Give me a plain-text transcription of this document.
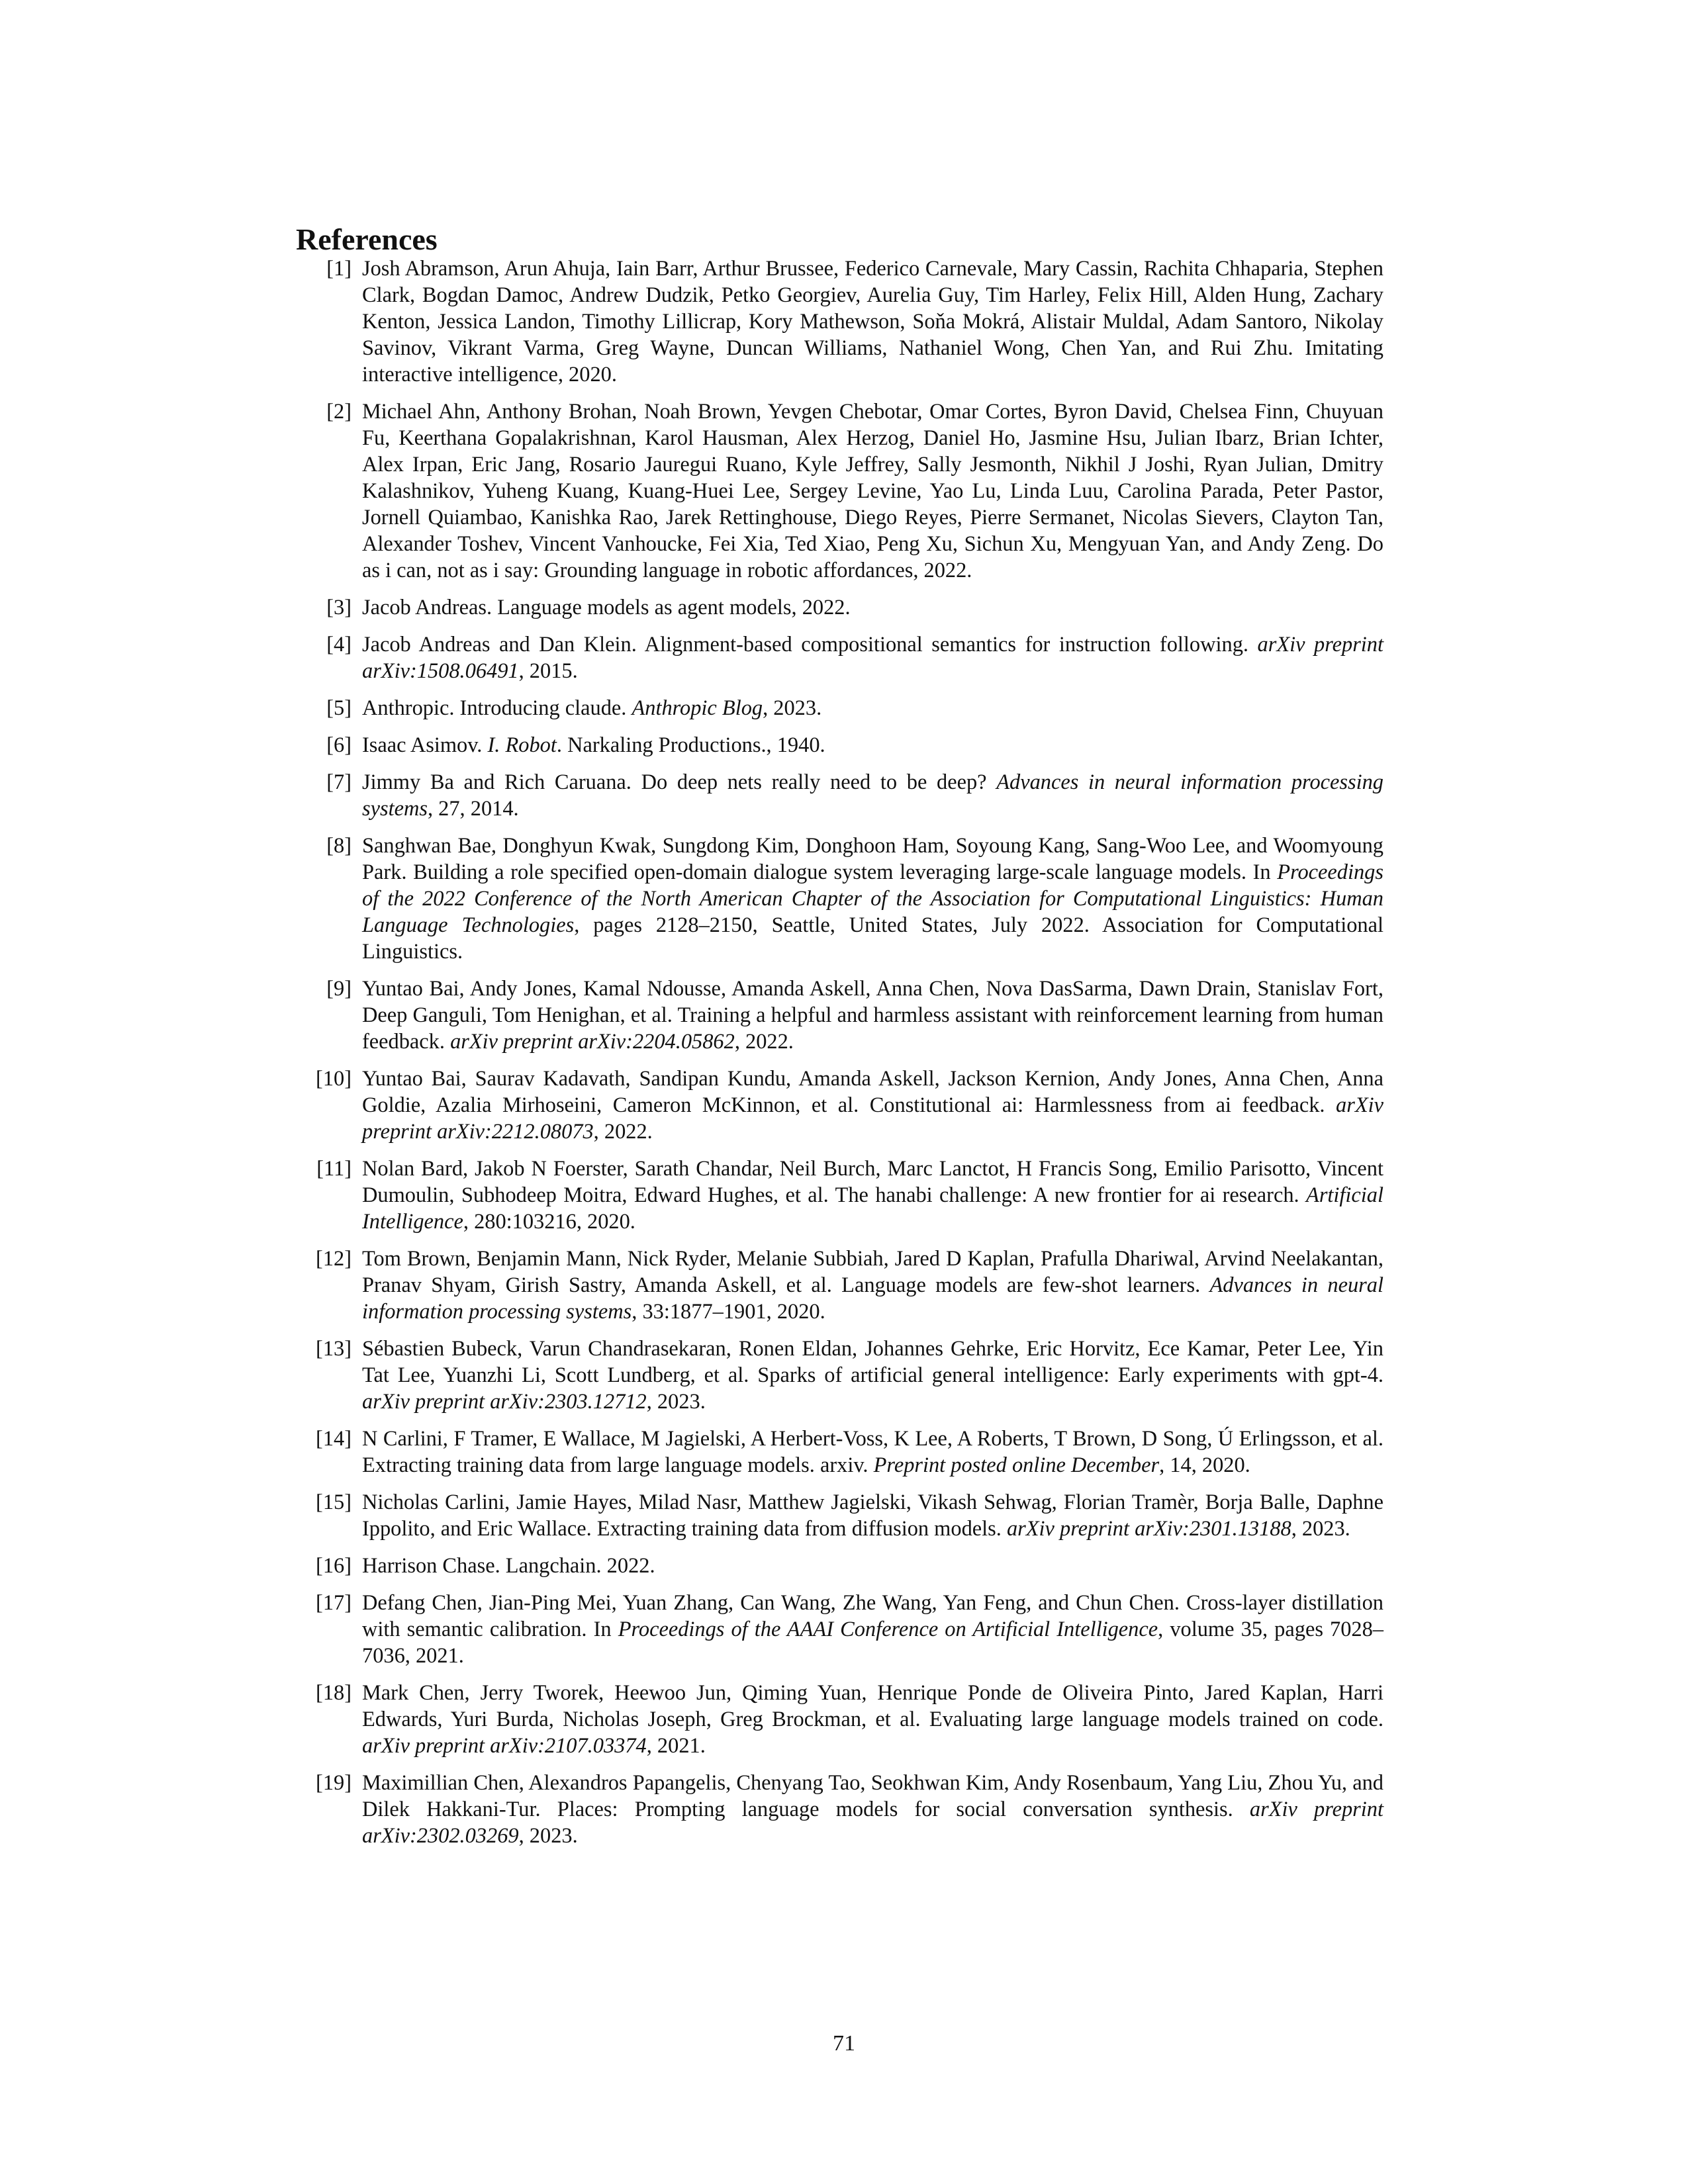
References
[1] Josh Abramson, Arun Ahuja, Iain Barr, Arthur Brussee, Federico Carnevale, Mary Cassin, Rachita Chhaparia, Stephen Clark, Bogdan Damoc, Andrew Dudzik, Petko Georgiev, Aurelia Guy, Tim Harley, Felix Hill, Alden Hung, Zachary Kenton, Jessica Landon, Timothy Lillicrap, Kory Mathewson, Soňa Mokrá, Alistair Muldal, Adam Santoro, Nikolay Savinov, Vikrant Varma, Greg Wayne, Duncan Williams, Nathaniel Wong, Chen Yan, and Rui Zhu. Imitating interactive intelligence, 2020.
[2] Michael Ahn, Anthony Brohan, Noah Brown, Yevgen Chebotar, Omar Cortes, Byron David, Chelsea Finn, Chuyuan Fu, Keerthana Gopalakrishnan, Karol Hausman, Alex Herzog, Daniel Ho, Jasmine Hsu, Julian Ibarz, Brian Ichter, Alex Irpan, Eric Jang, Rosario Jauregui Ruano, Kyle Jeffrey, Sally Jesmonth, Nikhil J Joshi, Ryan Julian, Dmitry Kalashnikov, Yuheng Kuang, Kuang-Huei Lee, Sergey Levine, Yao Lu, Linda Luu, Carolina Parada, Peter Pastor, Jornell Quiambao, Kanishka Rao, Jarek Rettinghouse, Diego Reyes, Pierre Sermanet, Nicolas Sievers, Clayton Tan, Alexander Toshev, Vincent Vanhoucke, Fei Xia, Ted Xiao, Peng Xu, Sichun Xu, Mengyuan Yan, and Andy Zeng. Do as i can, not as i say: Grounding language in robotic affordances, 2022.
[3] Jacob Andreas. Language models as agent models, 2022.
[4] Jacob Andreas and Dan Klein. Alignment-based compositional semantics for instruction following. arXiv preprint arXiv:1508.06491, 2015.
[5] Anthropic. Introducing claude. Anthropic Blog, 2023.
[6] Isaac Asimov. I. Robot. Narkaling Productions., 1940.
[7] Jimmy Ba and Rich Caruana. Do deep nets really need to be deep? Advances in neural information processing systems, 27, 2014.
[8] Sanghwan Bae, Donghyun Kwak, Sungdong Kim, Donghoon Ham, Soyoung Kang, Sang-Woo Lee, and Woomyoung Park. Building a role specified open-domain dialogue system leveraging large-scale language models. In Proceedings of the 2022 Conference of the North American Chapter of the Association for Computational Linguistics: Human Language Technologies, pages 2128–2150, Seattle, United States, July 2022. Association for Computational Linguistics.
[9] Yuntao Bai, Andy Jones, Kamal Ndousse, Amanda Askell, Anna Chen, Nova DasSarma, Dawn Drain, Stanislav Fort, Deep Ganguli, Tom Henighan, et al. Training a helpful and harmless assistant with reinforcement learning from human feedback. arXiv preprint arXiv:2204.05862, 2022.
[10] Yuntao Bai, Saurav Kadavath, Sandipan Kundu, Amanda Askell, Jackson Kernion, Andy Jones, Anna Chen, Anna Goldie, Azalia Mirhoseini, Cameron McKinnon, et al. Constitutional ai: Harmlessness from ai feedback. arXiv preprint arXiv:2212.08073, 2022.
[11] Nolan Bard, Jakob N Foerster, Sarath Chandar, Neil Burch, Marc Lanctot, H Francis Song, Emilio Parisotto, Vincent Dumoulin, Subhodeep Moitra, Edward Hughes, et al. The hanabi challenge: A new frontier for ai research. Artificial Intelligence, 280:103216, 2020.
[12] Tom Brown, Benjamin Mann, Nick Ryder, Melanie Subbiah, Jared D Kaplan, Prafulla Dhariwal, Arvind Neelakantan, Pranav Shyam, Girish Sastry, Amanda Askell, et al. Language models are few-shot learners. Advances in neural information processing systems, 33:1877–1901, 2020.
[13] Sébastien Bubeck, Varun Chandrasekaran, Ronen Eldan, Johannes Gehrke, Eric Horvitz, Ece Kamar, Peter Lee, Yin Tat Lee, Yuanzhi Li, Scott Lundberg, et al. Sparks of artificial general intelligence: Early experiments with gpt-4. arXiv preprint arXiv:2303.12712, 2023.
[14] N Carlini, F Tramer, E Wallace, M Jagielski, A Herbert-Voss, K Lee, A Roberts, T Brown, D Song, Ú Erlingsson, et al. Extracting training data from large language models. arxiv. Preprint posted online December, 14, 2020.
[15] Nicholas Carlini, Jamie Hayes, Milad Nasr, Matthew Jagielski, Vikash Sehwag, Florian Tramèr, Borja Balle, Daphne Ippolito, and Eric Wallace. Extracting training data from diffusion models. arXiv preprint arXiv:2301.13188, 2023.
[16] Harrison Chase. Langchain. 2022.
[17] Defang Chen, Jian-Ping Mei, Yuan Zhang, Can Wang, Zhe Wang, Yan Feng, and Chun Chen. Cross-layer distillation with semantic calibration. In Proceedings of the AAAI Conference on Artificial Intelligence, volume 35, pages 7028–7036, 2021.
[18] Mark Chen, Jerry Tworek, Heewoo Jun, Qiming Yuan, Henrique Ponde de Oliveira Pinto, Jared Kaplan, Harri Edwards, Yuri Burda, Nicholas Joseph, Greg Brockman, et al. Evaluating large language models trained on code. arXiv preprint arXiv:2107.03374, 2021.
[19] Maximillian Chen, Alexandros Papangelis, Chenyang Tao, Seokhwan Kim, Andy Rosenbaum, Yang Liu, Zhou Yu, and Dilek Hakkani-Tur. Places: Prompting language models for social conversation synthesis. arXiv preprint arXiv:2302.03269, 2023.
71
